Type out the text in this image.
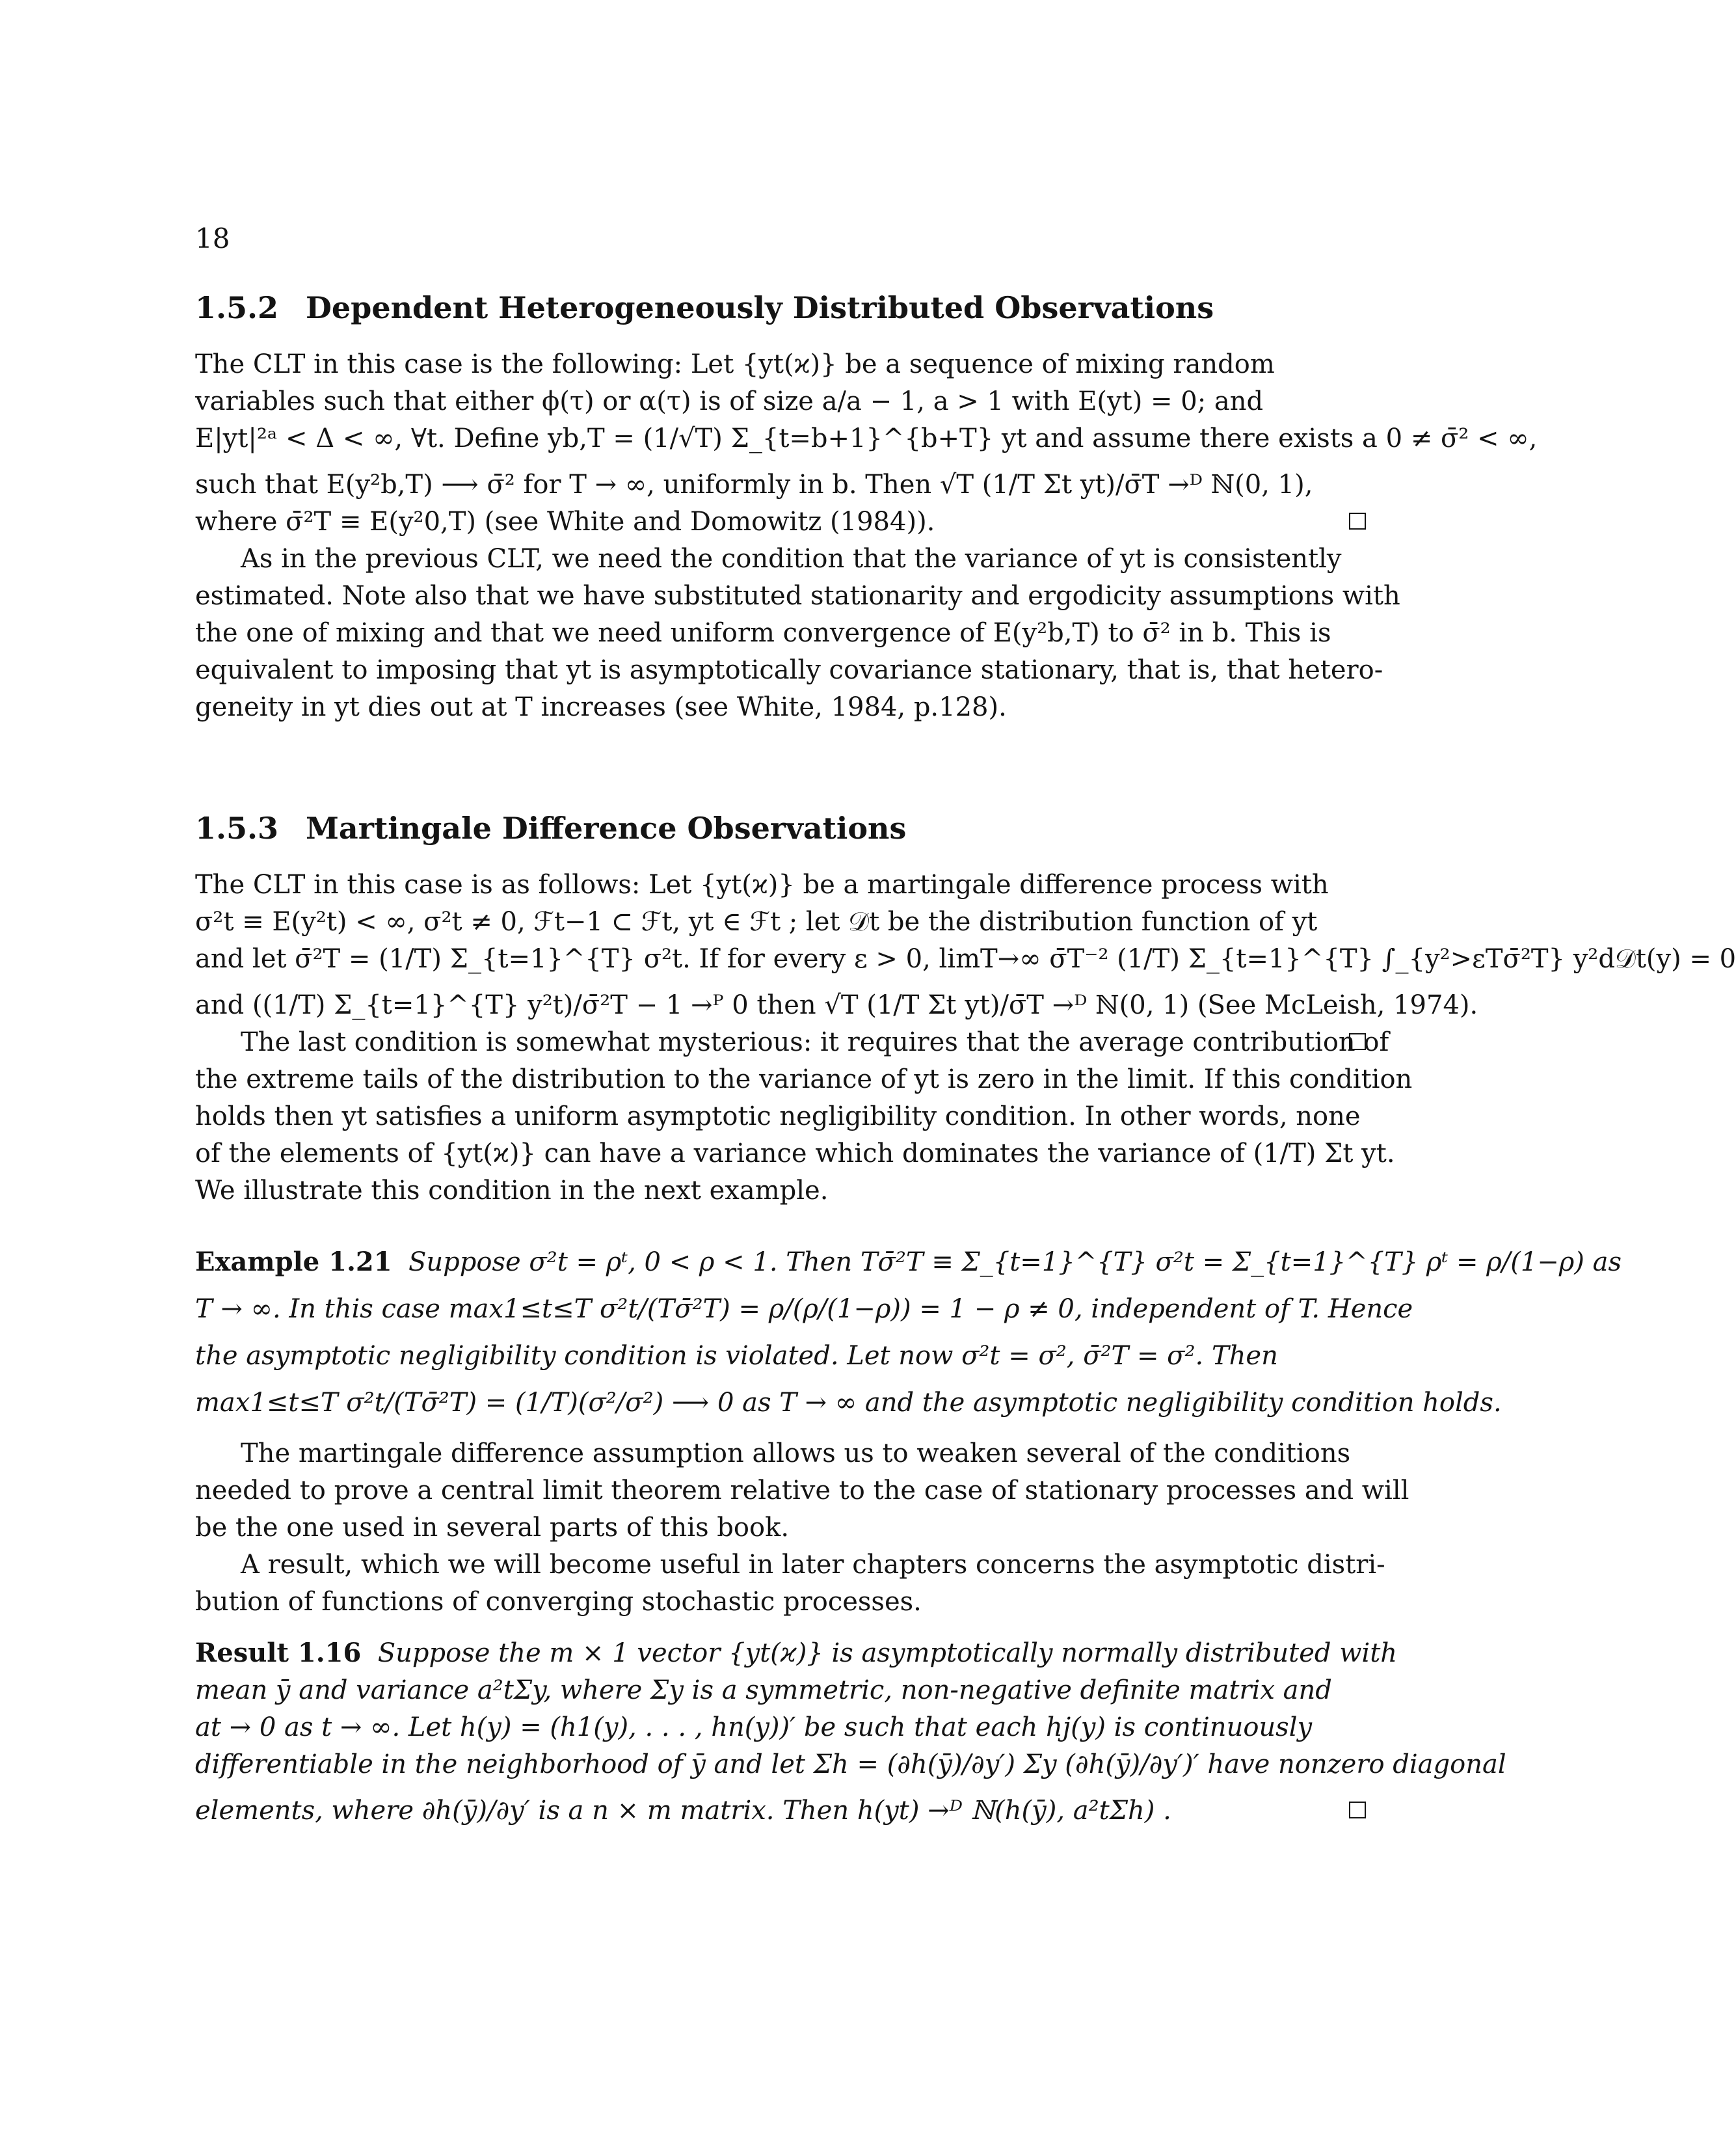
18
1.5.2 Dependent Heterogeneously Distributed Observations
The CLT in this case is the following: Let {yt(ϰ)} be a sequence of mixing random
variables such that either ϕ(τ) or α(τ) is of size a/a − 1, a > 1 with E(yt) = 0; and
E|yt|²ᵃ < Δ < ∞, ∀t. Define yb,T = (1/√T) Σ_{t=b+1}^{b+T} yt and assume there exists a 0 ≠ σ̄² < ∞,
such that E(y²b,T) ⟶ σ̄² for T → ∞, uniformly in b. Then √T (1/T Σt yt)/σ̄T →ᴰ ℕ(0, 1),
where σ̄²T ≡ E(y²0,T) (see White and Domowitz (1984)).
As in the previous CLT, we need the condition that the variance of yt is consistently
estimated. Note also that we have substituted stationarity and ergodicity assumptions with
the one of mixing and that we need uniform convergence of E(y²b,T) to σ̄² in b. This is
equivalent to imposing that yt is asymptotically covariance stationary, that is, that hetero-
geneity in yt dies out at T increases (see White, 1984, p.128).
1.5.3 Martingale Difference Observations
The CLT in this case is as follows: Let {yt(ϰ)} be a martingale difference process with
σ²t ≡ E(y²t) < ∞, σ²t ≠ 0, ℱt−1 ⊂ ℱt, yt ∈ ℱt ; let 𝒟t be the distribution function of yt
and let σ̄²T = (1/T) Σ_{t=1}^{T} σ²t. If for every ε > 0, limT→∞ σ̄T⁻² (1/T) Σ_{t=1}^{T} ∫_{y²>εTσ̄²T} y²d𝒟t(y) = 0
and ((1/T) Σ_{t=1}^{T} y²t)/σ̄²T − 1 →ᴾ 0 then √T (1/T Σt yt)/σ̄T →ᴰ ℕ(0, 1) (See McLeish, 1974).
The last condition is somewhat mysterious: it requires that the average contribution of
the extreme tails of the distribution to the variance of yt is zero in the limit. If this condition
holds then yt satisfies a uniform asymptotic negligibility condition. In other words, none
of the elements of {yt(ϰ)} can have a variance which dominates the variance of (1/T) Σt yt.
We illustrate this condition in the next example.
Example 1.21 Suppose σ²t = ρᵗ, 0 < ρ < 1. Then Tσ̄²T ≡ Σ_{t=1}^{T} σ²t = Σ_{t=1}^{T} ρᵗ = ρ/(1−ρ) as
T → ∞. In this case max1≤t≤T σ²t/(Tσ̄²T) = ρ/(ρ/(1−ρ)) = 1 − ρ ≠ 0, independent of T. Hence
the asymptotic negligibility condition is violated. Let now σ²t = σ², σ̄²T = σ². Then
max1≤t≤T σ²t/(Tσ̄²T) = (1/T)(σ²/σ²) ⟶ 0 as T → ∞ and the asymptotic negligibility condition holds.
The martingale difference assumption allows us to weaken several of the conditions
needed to prove a central limit theorem relative to the case of stationary processes and will
be the one used in several parts of this book.
A result, which we will become useful in later chapters concerns the asymptotic distri-
bution of functions of converging stochastic processes.
Result 1.16 Suppose the m × 1 vector {yt(ϰ)} is asymptotically normally distributed with
mean ȳ and variance a²tΣy, where Σy is a symmetric, non-negative definite matrix and
at → 0 as t → ∞. Let h(y) = (h1(y), . . . , hn(y))′ be such that each hj(y) is continuously
differentiable in the neighborhood of ȳ and let Σh = (∂h(ȳ)/∂y′) Σy (∂h(ȳ)/∂y′)′ have nonzero diagonal
elements, where ∂h(ȳ)/∂y′ is a n × m matrix. Then h(yt) →ᴰ ℕ(h(ȳ), a²tΣh) .
